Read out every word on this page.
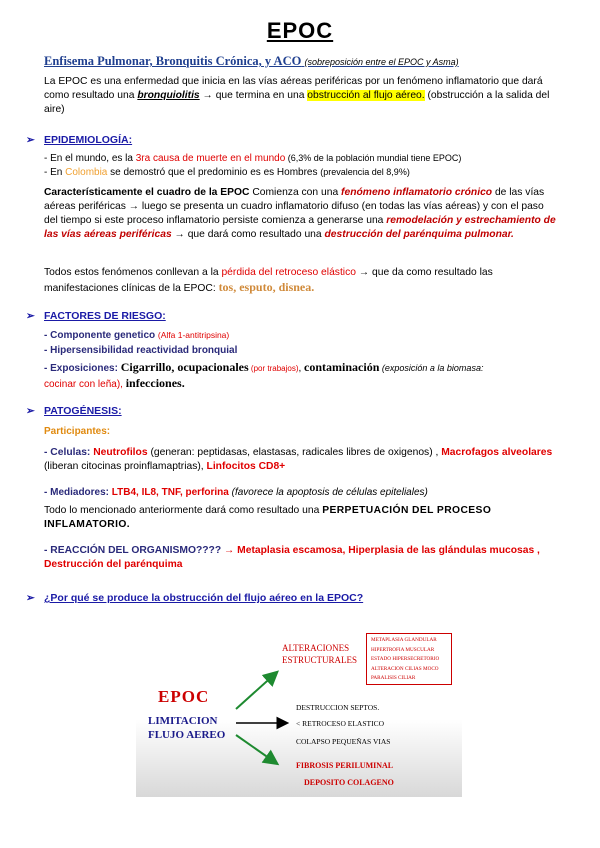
EPOC
Enfisema Pulmonar, Bronquitis Crónica, y ACO (sobreposición entre el EPOC y Asma)

La EPOC es una enfermedad que inicia en las vías aéreas periféricas por un fenómeno inflamatorio que dará como resultado una bronquiolitis → que termina en una obstrucción al flujo aéreo. (obstrucción a la salida del aire)

➢ EPIDEMIOLOGÍA:
- En el mundo, es la 3ra causa de muerte en el mundo (6,3% de la población mundial tiene EPOC)
- En Colombia se demostró que el predominio es es Hombres (prevalencia del 8,9%)

Característicamente el cuadro de la EPOC Comienza con una fenómeno inflamatorio crónico de las vías aéreas periféricas → luego se presenta un cuadro inflamatorio difuso (en todas las vías aéreas) y con el paso del tiempo si este proceso inflamatorio persiste comienza a generarse una remodelación y estrechamiento de las vías aéreas periféricas → que dará como resultado una destrucción del parénquima pulmonar.

Todos estos fenómenos conllevan a la pérdida del retroceso elástico → que da como resultado las manifestaciones clínicas de la EPOC: tos, esputo, disnea.

➢ FACTORES DE RIESGO:
- Componente genetico (Alfa 1-antitripsina)
- Hipersensibilidad reactividad bronquial
- Exposiciones: Cigarrillo, ocupacionales (por trabajos), contaminación (exposición a la biomasa:
cocinar con leña), infecciones.
➢ PATOGÉNESIS:
Participantes:

- Celulas: Neutrofilos (generan: peptidasas, elastasas, radicales libres de oxigenos) , Macrofagos alveolares (liberan citocinas proinflamaptrias), Linfocitos CD8+

- Mediadores: LTB4, IL8, TNF, perforina (favorece la apoptosis de células epiteliales)

Todo lo mencionado anteriormente dará como resultado una PERPETUACIÓN DEL PROCESO INFLAMATORIO.

- REACCIÓN DEL ORGANISMO???? → Metaplasia escamosa, Hiperplasia de las glándulas mucosas , Destrucción del parénquima

➢ ¿Por qué se produce la obstrucción del flujo aéreo en la EPOC?
EPOC
LIMITACION
FLUJO AEREO
ALTERACIONES
ESTRUCTURALES
METAPLASIA GLANDULAR
HIPERTROFIA MUSCULAR
ESTADO HIPERSECRETORIO
ALTERACION CILIAS MOCO
PARALISIS CILIAR
DESTRUCCION SEPTOS.
< RETROCESO ELASTICO
COLAPSO PEQUEÑAS VIAS
FIBROSIS PERILUMINAL
DEPOSITO COLAGENO
